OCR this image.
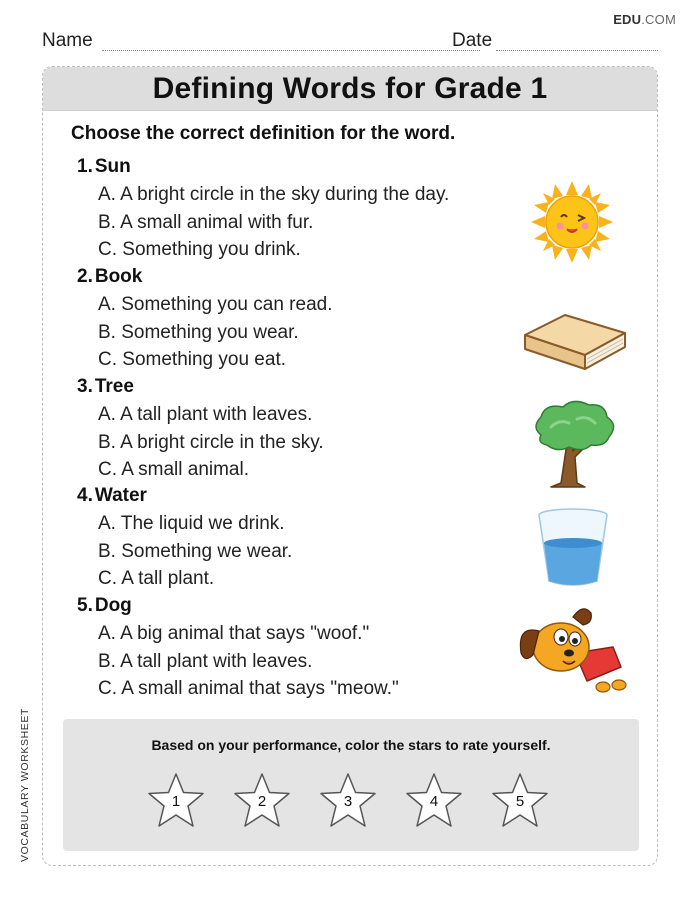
EDU.COM
Name	Date
Defining Words for Grade 1
Choose the correct definition for the word.
1. Sun
A. A bright circle in the sky during the day.
B. A small animal with fur.
C. Something you drink.
2. Book
A. Something you can read.
B. Something you wear.
C. Something you eat.
3. Tree
A. A tall plant with leaves.
B. A bright circle in the sky.
C. A small animal.
4. Water
A. The liquid we drink.
B. Something we wear.
C. A tall plant.
5. Dog
A. A big animal that says "woof."
B. A tall plant with leaves.
C. A small animal that says "meow."
Based on your performance, color the stars to rate yourself.
1	2	3	4	5
VOCABULARY WORKSHEET
